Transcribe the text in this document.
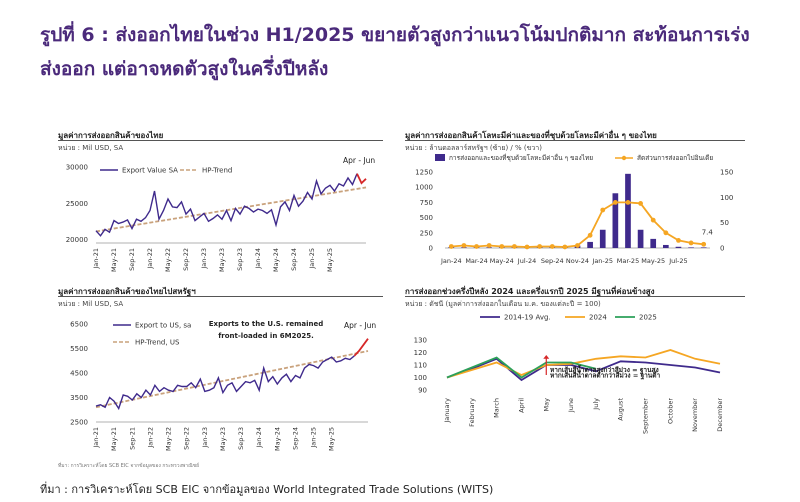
รูปที่ 6 : ส่งออกไทยในช่วง H1/2025 ขยายตัวสูงกว่าแนวโน้มปกติมาก สะท้อนการเร่ง
ส่งออก แต่อาจหดตัวสูงในครึ่งปีหลัง
มูลค่าการส่งออกสินค้าของไทย
หน่วย : Mil USD, SA
20000
25000
30000
Jan-21 May-21 Sep-21 Jan-22 May-22 Sep-22 Jan-23 May-23 Sep-23 Jan-24 May-24 Sep-24 Jan-25 May-25
Export Value SA	HP-Trend
Apr - Jun
มูลค่าการส่งออกสินค้าของไทยไปสหรัฐฯ
หน่วย : Mil USD, SA
2500
3500
4500
5500
6500
Jan-21 May-21 Sep-21 Jan-22 May-22 Sep-22 Jan-23 May-23 Sep-23 Jan-24 May-24 Sep-24 Jan-25 May-25
Export to US, sa
HP-Trend, US
Apr - Jun
Exports to the U.S. remained
front-loaded in 6M2025.
มูลค่าการส่งออกสินค้าโลหะมีค่าและของที่ชุบด้วยโลหะมีค่าอื่น ๆ ของไทย
หน่วย : ล้านดอลลาร์สหรัฐฯ (ซ้าย) / % (ขวา)
0
250
500
750
1000
1250
0
50
100
150
7.4
Jan-24 Mar-24 May-24 Jul-24 Sep-24 Nov-24 Jan-25 Mar-25 May-25 Jul-25
การส่งออกและของที่ชุบด้วยโลหะมีค่าอื่น ๆ ของไทย	สัดส่วนการส่งออกไปอินเดีย
การส่งออกช่วงครึ่งปีหลัง 2024 และครึ่งแรกปี 2025 มีฐานที่ค่อนข้างสูง
หน่วย : ดัชนี (มูลค่าการส่งออกในเดือน ม.ค. ของแต่ละปี = 100)
90
100
110
120
130
January	February	March	April	May	June	July	August	September	October	November	December
2014-19 Avg.	2024	2025
หากเส้นสีน้ำตาลสูงกว่าสีม่วง = ฐานสูง
หากเส้นสีน้ำตาลต่ำกว่าสีม่วง = ฐานต่ำ
ที่มา: การวิเคราะห์โดย SCB EIC จากข้อมูลของ กระทรวงพาณิชย์
ที่มา : การวิเคราะห์โดย SCB EIC จากข้อมูลของ World Integrated Trade Solutions (WITS)
